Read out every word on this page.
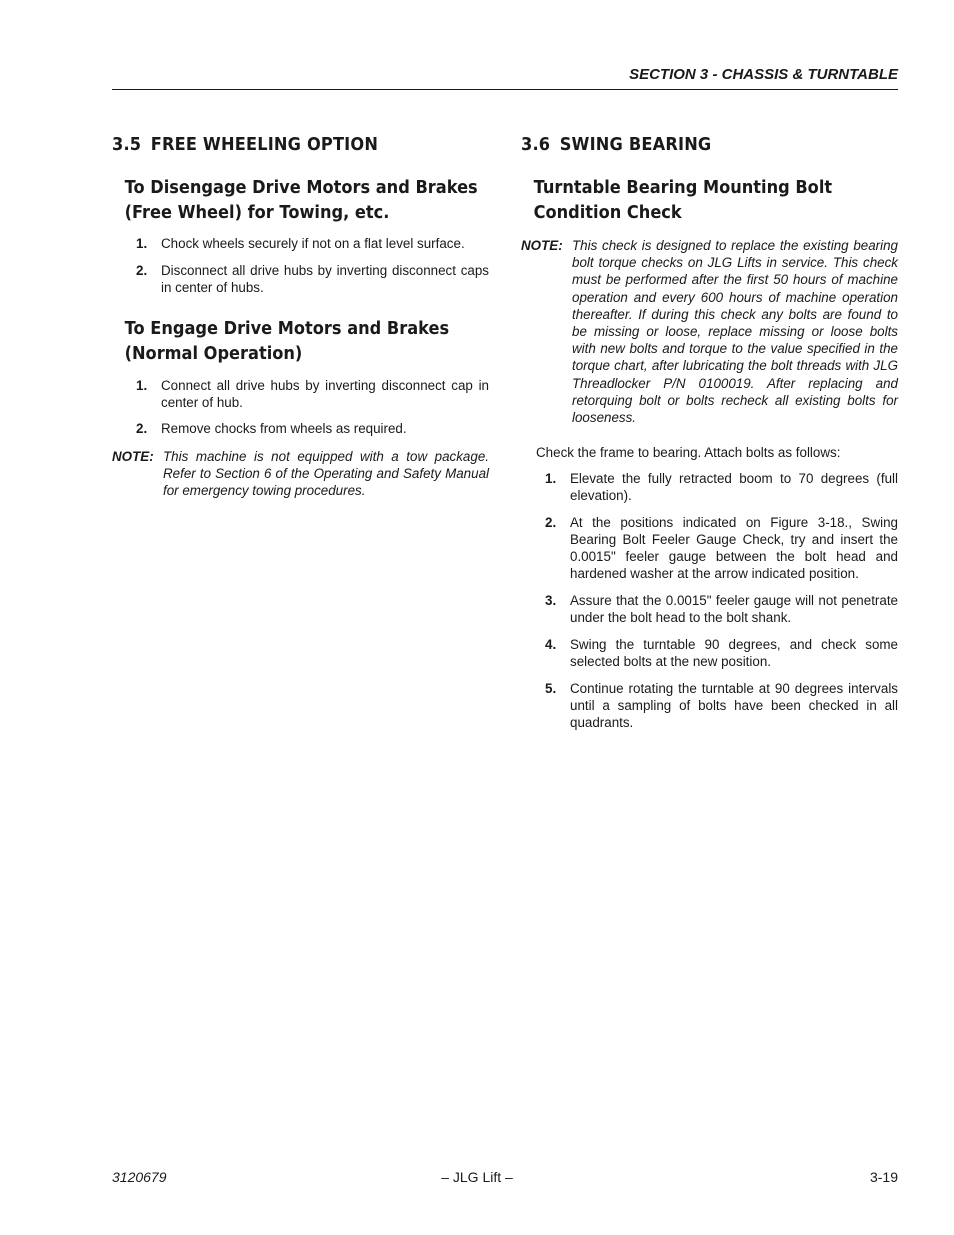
SECTION 3 - CHASSIS & TURNTABLE
3.5 FREE WHEELING OPTION
To Disengage Drive Motors and Brakes (Free Wheel) for Towing, etc.
1. Chock wheels securely if not on a flat level surface.
2. Disconnect all drive hubs by inverting disconnect caps in center of hubs.
To Engage Drive Motors and Brakes (Normal Operation)
1. Connect all drive hubs by inverting disconnect cap in center of hub.
2. Remove chocks from wheels as required.
NOTE: This machine is not equipped with a tow package. Refer to Section 6 of the Operating and Safety Manual for emergency towing procedures.
3.6 SWING BEARING
Turntable Bearing Mounting Bolt Condition Check
NOTE: This check is designed to replace the existing bearing bolt torque checks on JLG Lifts in service. This check must be performed after the first 50 hours of machine operation and every 600 hours of machine operation thereafter. If during this check any bolts are found to be missing or loose, replace missing or loose bolts with new bolts and torque to the value specified in the torque chart, after lubricating the bolt threads with JLG Threadlocker P/N 0100019. After replacing and retorquing bolt or bolts recheck all existing bolts for looseness.
Check the frame to bearing. Attach bolts as follows:
1. Elevate the fully retracted boom to 70 degrees (full elevation).
2. At the positions indicated on Figure 3-18., Swing Bearing Bolt Feeler Gauge Check, try and insert the 0.0015" feeler gauge between the bolt head and hardened washer at the arrow indicated position.
3. Assure that the 0.0015" feeler gauge will not penetrate under the bolt head to the bolt shank.
4. Swing the turntable 90 degrees, and check some selected bolts at the new position.
5. Continue rotating the turntable at 90 degrees intervals until a sampling of bolts have been checked in all quadrants.
3120679	– JLG Lift –	3-19
